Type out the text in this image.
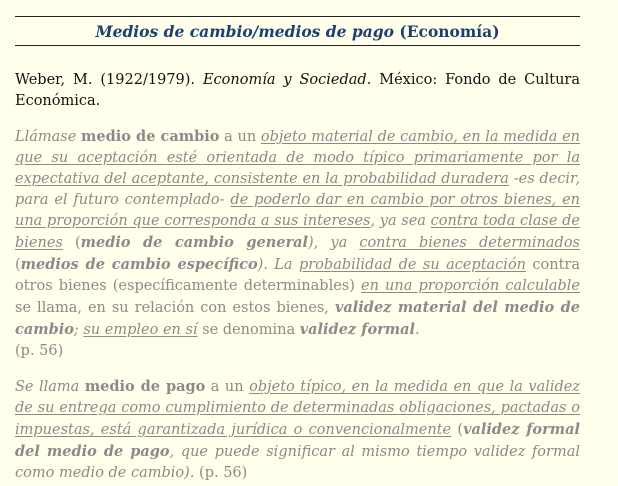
Medios de cambio/medios de pago
(Economía)
Weber, M. (1922/1979). Economía y Sociedad. México: Fondo de Cultura Económica.
Llámase medio de cambio a un objeto material de cambio, en la medida en que su aceptación esté orientada de modo típico primariamente por la expectativa del aceptante, consistente en la probabilidad duradera -es decir, para el futuro contemplado- de poderlo dar en cambio por otros bienes, en una proporción que corresponda a sus intereses, ya sea contra toda clase de bienes (medio de cambio general), ya contra bienes determinados (medios de cambio específico). La probabilidad de su aceptación contra otros bienes (específicamente determinables) en una proporción calculable se llama, en su relación con estos bienes, validez material del medio de cambio; su empleo en sí se denomina validez formal.
(p. 56)
Se llama medio de pago a un objeto típico, en la medida en que la validez de su entrega como cumplimiento de determinadas obligaciones, pactadas o impuestas, está garantizada jurídica o convencionalmente (validez formal del medio de pago, que puede significar al mismo tiempo validez formal como medio de cambio). (p. 56)
